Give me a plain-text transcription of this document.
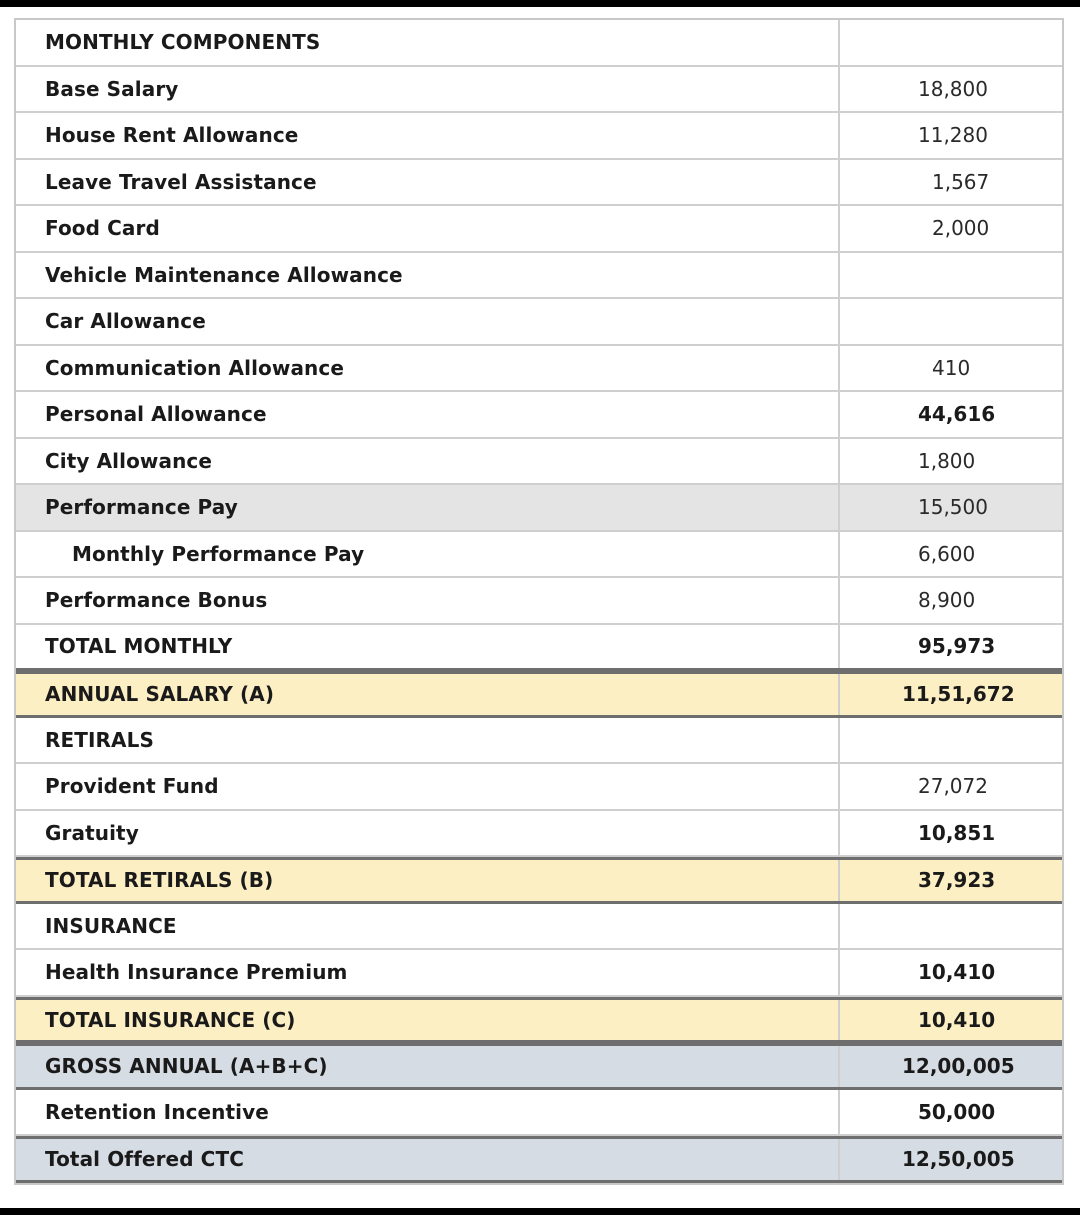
MONTHLY COMPONENTS
Base Salary	18,800
House Rent Allowance	11,280
Leave Travel Assistance	1,567
Food Card	2,000
Vehicle Maintenance Allowance
Car Allowance
Communication Allowance	410
Personal Allowance	44,616
City Allowance	1,800
Performance Pay	15,500
Monthly Performance Pay	6,600
Performance Bonus	8,900
TOTAL MONTHLY	95,973
ANNUAL SALARY (A)	11,51,672
RETIRALS
Provident Fund	27,072
Gratuity	10,851
TOTAL RETIRALS (B)	37,923
INSURANCE
Health Insurance Premium	10,410
TOTAL INSURANCE (C)	10,410
GROSS ANNUAL (A+B+C)	12,00,005
Retention Incentive	50,000
Total Offered CTC	12,50,005
